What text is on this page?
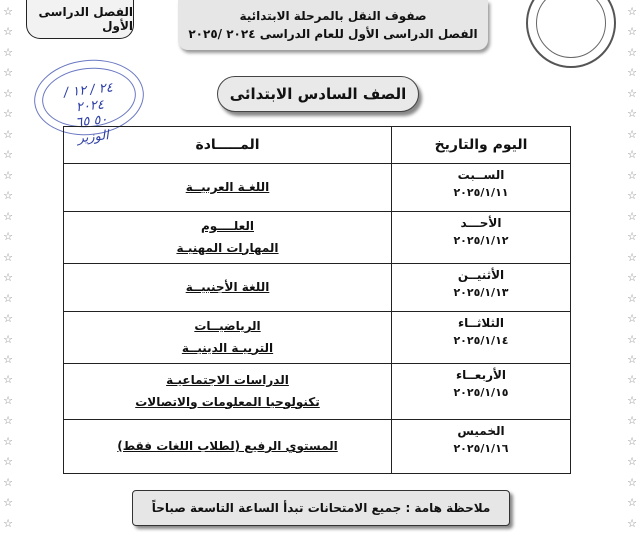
☆
☆
☆
☆
☆
☆
☆
☆
☆
☆
☆
☆
☆
☆
☆
☆
☆
☆
☆
☆
☆
☆
☆
☆
☆
☆
☆
☆
☆
☆
☆
☆
☆
☆
☆
☆
☆
☆
☆
☆
☆
☆
☆
☆
☆
☆
☆
☆
☆
☆
☆
☆
الفصل الدراسى الأول
صفوف النقل بالمرحلة الابتدائية
الفصل الدراسى الأول للعام الدراسى ٢٠٢٤ /٢٠٢٥
٢٤ / ١٢ / ٢٠٢٤
٥٠ ٦٥
الوزير
الصف السادس الابتدائى
اليوم والتاريخ	المـــــادة

الســبت
٢٠٢٥/١/١١	اللغـة العربيــة

الأحـــد
٢٠٢٥/١/١٢	العلــــوم
المهارات المهنيـة

الأثنيــن
٢٠٢٥/١/١٣	اللغة الأجنبيــة

الثلاثــاء
٢٠٢٥/١/١٤	الرياضيــات
التربيـة الدينيــة

الأربعــاء
٢٠٢٥/١/١٥	الدراسات الاجتماعيـة
تكنولوجيا المعلومات والاتصالات

الخميس
٢٠٢٥/١/١٦	المستوي الرفيع (لطلاب اللغات فقط)
ملاحظة هامة : جميع الامتحانات تبدأ الساعة التاسعة صباحاً
